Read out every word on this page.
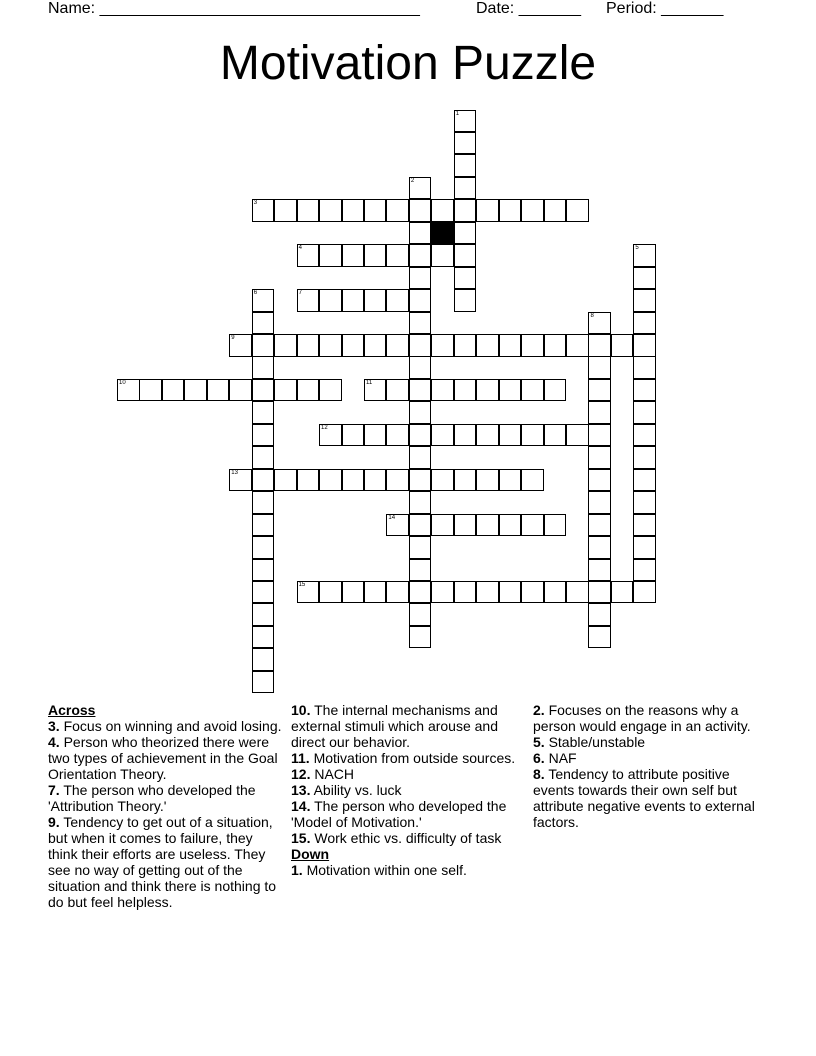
Name: ____________________________________	Date: _______ Period: _______
Motivation Puzzle
1
2
3
4	5
6	7
8
9
10	11
12
13
14
15
Across
3. Focus on winning and avoid losing.
4. Person who theorized there were two types of achievement in the Goal Orientation Theory.
7. The person who developed the 'Attribution Theory.'
9. Tendency to get out of a situation, but when it comes to failure, they think their efforts are useless. They see no way of getting out of the situation and think there is nothing to do but feel helpless.
10. The internal mechanisms and external stimuli which arouse and direct our behavior.
11. Motivation from outside sources.
12. NACH
13. Ability vs. luck
14. The person who developed the 'Model of Motivation.'
15. Work ethic vs. difficulty of task
Down
1. Motivation within one self.
2. Focuses on the reasons why a person would engage in an activity.
5. Stable/unstable
6. NAF
8. Tendency to attribute positive events towards their own self but attribute negative events to external factors.
